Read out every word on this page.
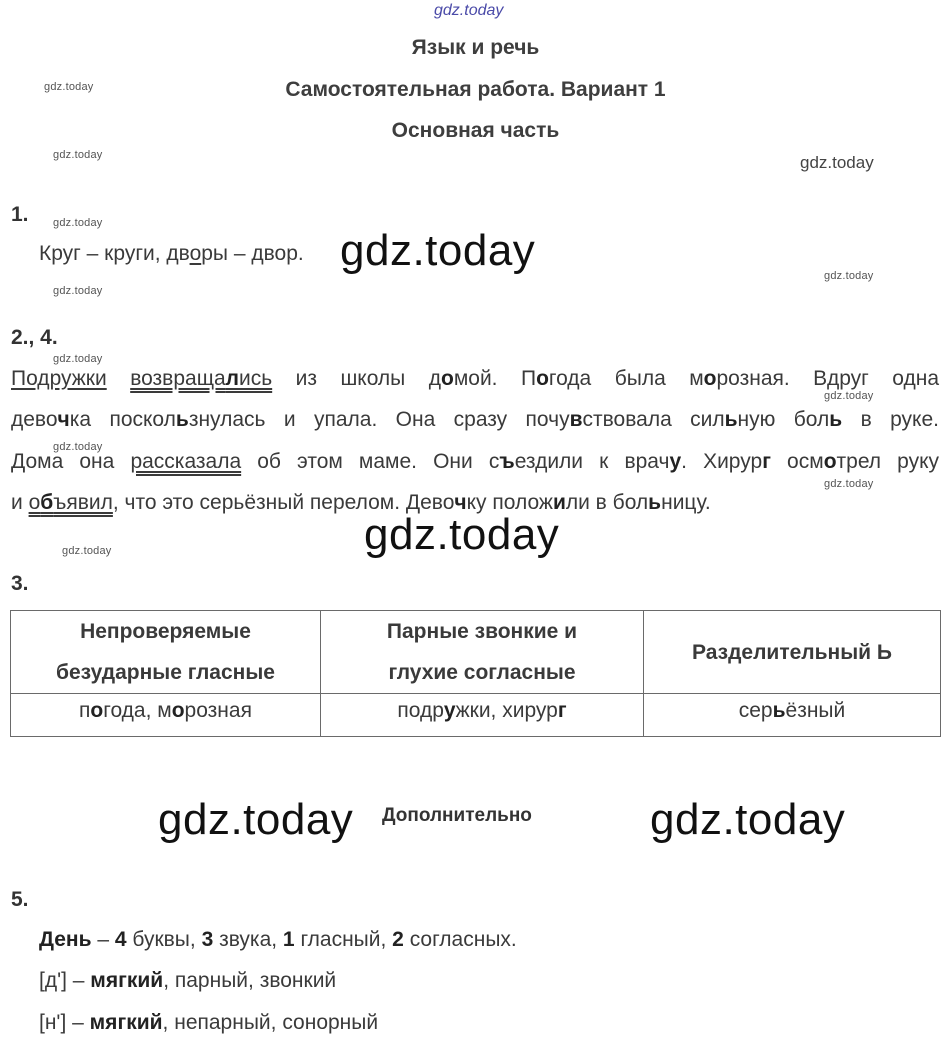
gdz.today
gdz.today
gdz.today	gdz.today
gdz.today
gdz.today
gdz.today
gdz.today
gdz.today
gdz.today
gdz.today
gdz.today
gdz.today
gdz.today
gdz.today	gdz.today
Язык и речь
Самостоятельная работа. Вариант 1
Основная часть
1.
Круг – круги, дворы – двор.
2., 4.
Подружки возвращались из школы домой. Погода была морозная. Вдруг одна
девочка поскользнулась и упала. Она сразу почувствовала сильную боль в руке.
Дома она рассказала об этом маме. Они съездили к врачу. Хирург осмотрел руку
и объявил, что это серьёзный перелом. Девочку положили в больницу.
3.
Непроверяемые безударные гласные	Парные звонкие и глухие согласные	Разделительный Ь
погода, морозная	подружки, хирург	серьёзный
Дополнительно
5.
День – 4 буквы, 3 звука, 1 гласный, 2 согласных.
[д'] – мягкий, парный, звонкий
[н'] – мягкий, непарный, сонорный
